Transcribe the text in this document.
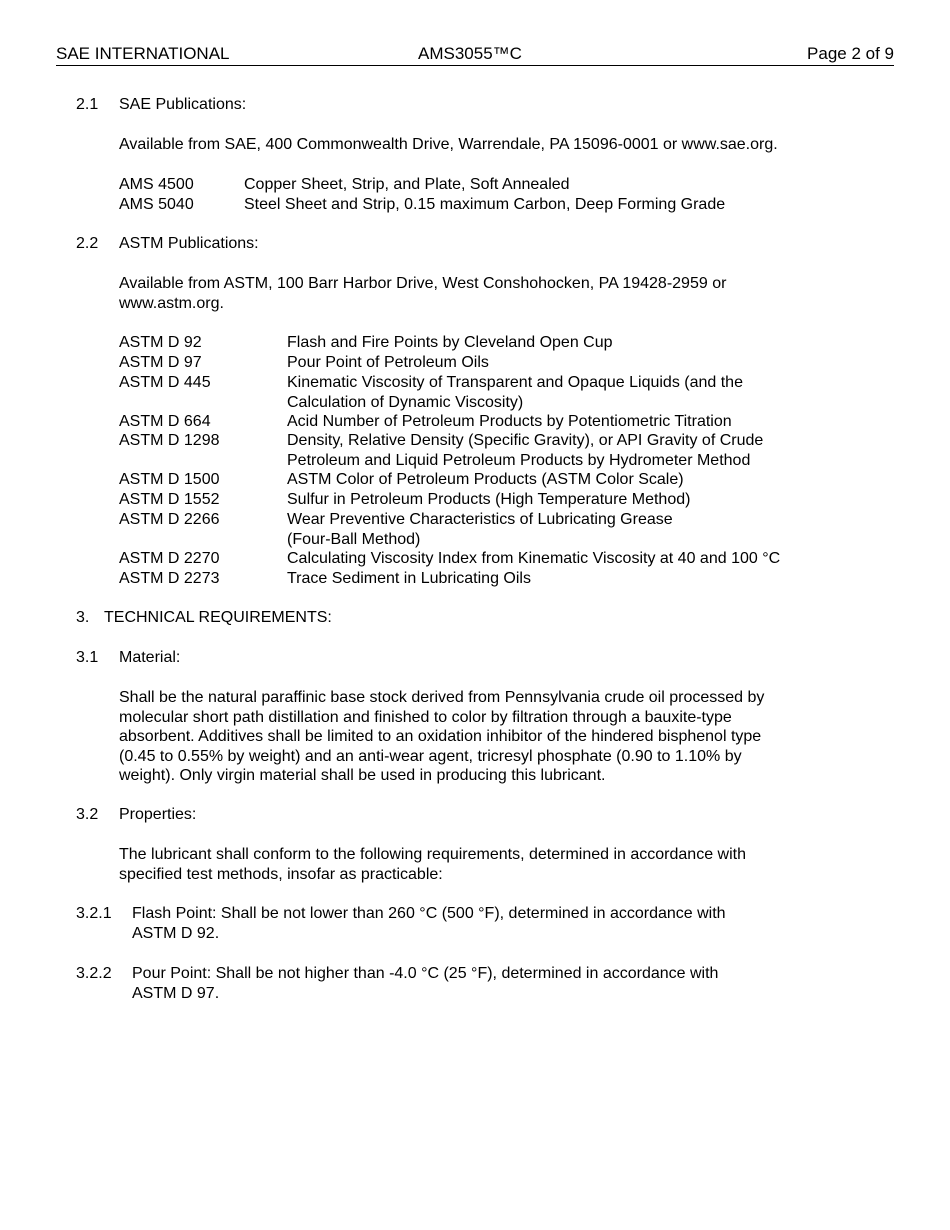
SAE INTERNATIONAL	AMS3055™C	Page 2 of 9
2.1 SAE Publications:
Available from SAE, 400 Commonwealth Drive, Warrendale, PA 15096-0001 or www.sae.org.
AMS 4500	Copper Sheet, Strip, and Plate, Soft Annealed
AMS 5040	Steel Sheet and Strip, 0.15 maximum Carbon, Deep Forming Grade
2.2 ASTM Publications:
Available from ASTM, 100 Barr Harbor Drive, West Conshohocken, PA 19428-2959 or
www.astm.org.
ASTM D 92	Flash and Fire Points by Cleveland Open Cup
ASTM D 97	Pour Point of Petroleum Oils
ASTM D 445	Kinematic Viscosity of Transparent and Opaque Liquids (and the
Calculation of Dynamic Viscosity)
ASTM D 664	Acid Number of Petroleum Products by Potentiometric Titration
ASTM D 1298	Density, Relative Density (Specific Gravity), or API Gravity of Crude
Petroleum and Liquid Petroleum Products by Hydrometer Method
ASTM D 1500	ASTM Color of Petroleum Products (ASTM Color Scale)
ASTM D 1552	Sulfur in Petroleum Products (High Temperature Method)
ASTM D 2266	Wear Preventive Characteristics of Lubricating Grease
(Four-Ball Method)
ASTM D 2270	Calculating Viscosity Index from Kinematic Viscosity at 40 and 100 °C
ASTM D 2273	Trace Sediment in Lubricating Oils
3. TECHNICAL REQUIREMENTS:
3.1 Material:
Shall be the natural paraffinic base stock derived from Pennsylvania crude oil processed by
molecular short path distillation and finished to color by filtration through a bauxite-type
absorbent. Additives shall be limited to an oxidation inhibitor of the hindered bisphenol type
(0.45 to 0.55% by weight) and an anti-wear agent, tricresyl phosphate (0.90 to 1.10% by
weight). Only virgin material shall be used in producing this lubricant.
3.2 Properties:
The lubricant shall conform to the following requirements, determined in accordance with
specified test methods, insofar as practicable:
3.2.1 Flash Point: Shall be not lower than 260 °C (500 °F), determined in accordance with
ASTM D 92.
3.2.2 Pour Point: Shall be not higher than -4.0 °C (25 °F), determined in accordance with
ASTM D 97.
